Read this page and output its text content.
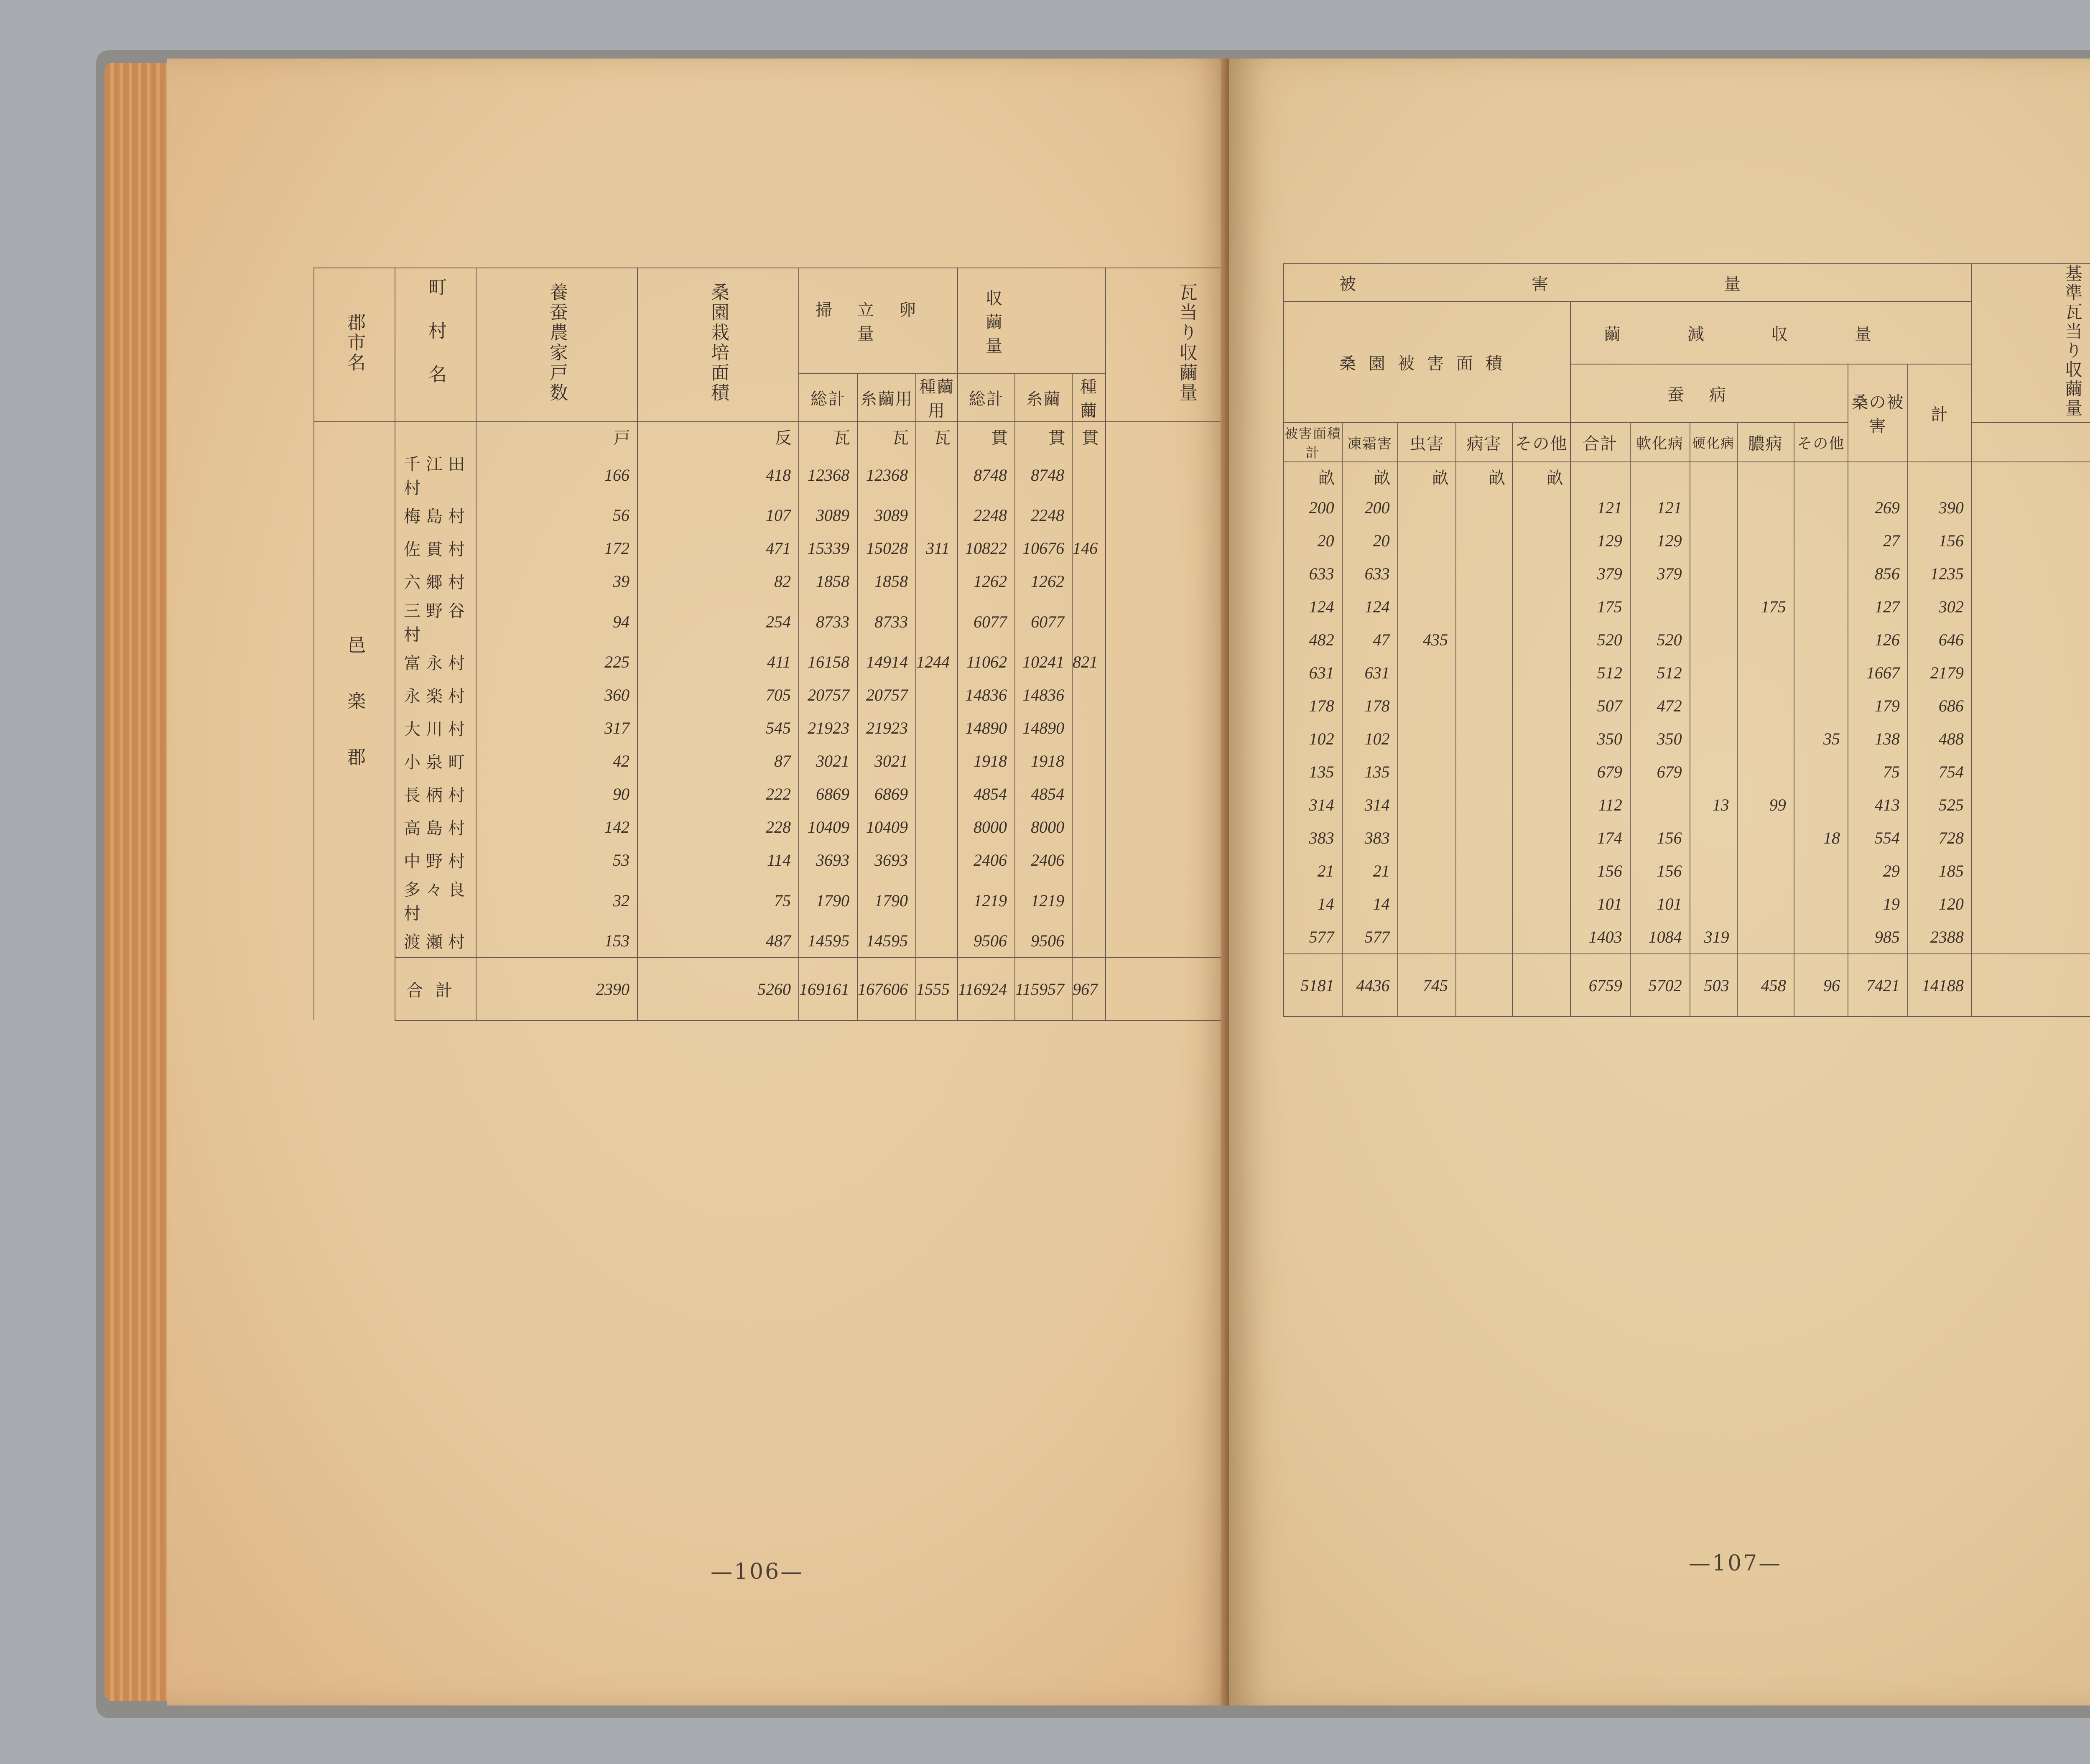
郡市名	町村名	養蚕農家戸数	桑園栽培面積	掃立卵量			収繭量			瓦当り収繭量
				総計	糸繭用	種繭用	総計	糸繭	種繭	
邑楽郡		戸	反	瓦	瓦	瓦	貫	貫	貫	
	千江田村	166	418	12368	12368		8748	8748		
	梅島村	56	107	3089	3089		2248	2248		
	佐貫村	172	471	15339	15028	311	10822	10676	146	
	六郷村	39	82	1858	1858		1262	1262		
	三野谷村	94	254	8733	8733		6077	6077		
	富永村	225	411	16158	14914	1244	11062	10241	821	
	永楽村	360	705	20757	20757		14836	14836		
	大川村	317	545	21923	21923		14890	14890		
	小泉町	42	87	3021	3021		1918	1918		
	長柄村	90	222	6869	6869		4854	4854		
	高島村	142	228	10409	10409		8000	8000		
	中野村	53	114	3693	3693		2406	2406		
	多々良村	32	75	1790	1790		1219	1219		
	渡瀬村	153	487	14595	14595		9506	9506		
	合計	2390	5260	169161	167606	1555	116924	115957	967	
—106—
被害量												基準瓦当り収繭量
桑園被害面積					繭減収量							
					蚕病					桑の被害	計	
被害面積計	凍霜害	虫害	病害	その他	合計	軟化病	硬化病	膿病	その他			
畝	畝	畝	畝	畝								
200	200				121	121				269	390	
20	20				129	129				27	156	
633	633				379	379				856	1235	
124	124				175			175		127	302	
482	47	435			520	520				126	646	
631	631				512	512				1667	2179	
178	178				507	472				179	686	
102	102				350	350			35	138	488	
135	135				679	679				75	754	
314	314				112		13	99		413	525	
383	383				174	156			18	554	728	
21	21				156	156				29	185	
14	14				101	101				19	120	
577	577				1403	1084	319			985	2388	
5181	4436	745			6759	5702	503	458	96	7421	14188	
—107—
